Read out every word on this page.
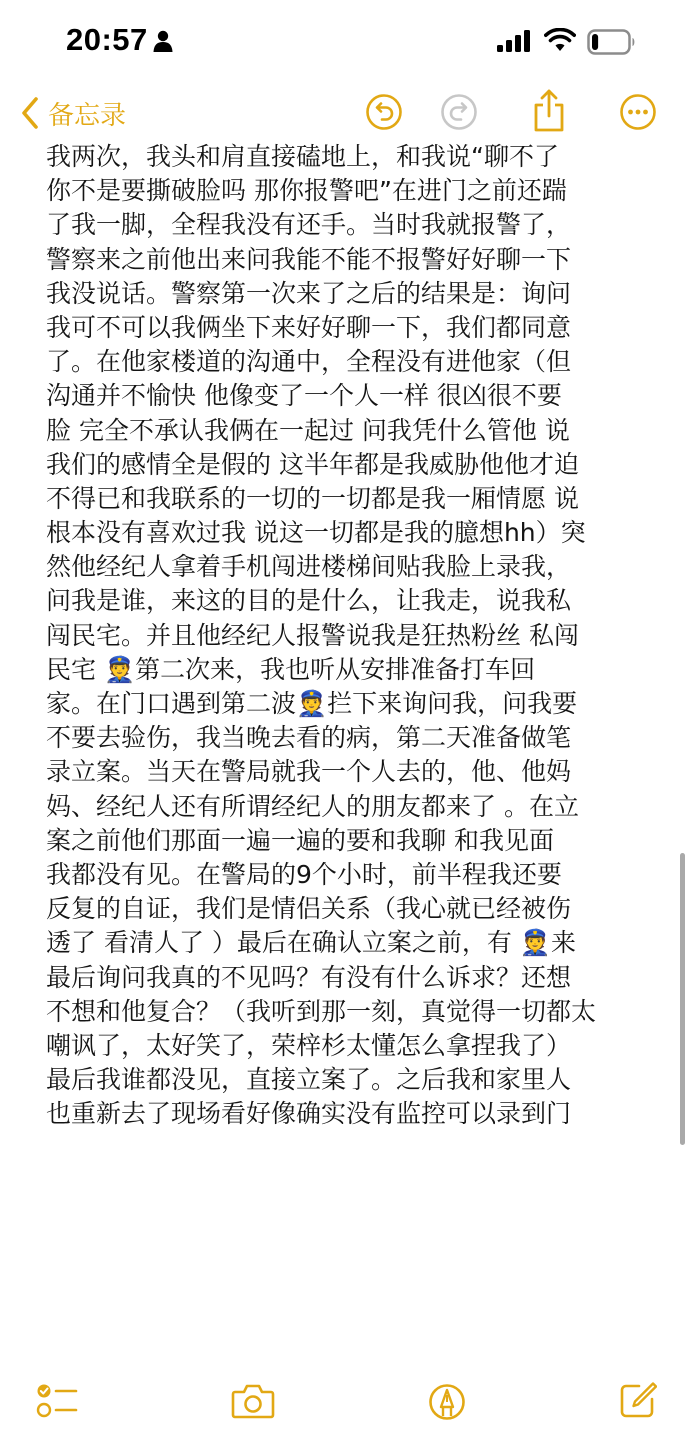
20:57
备忘录
我两次，我头和肩直接磕地上，和我说“聊不了
你不是要撕破脸吗 那你报警吧”在进门之前还踹
了我一脚，全程我没有还手。当时我就报警了，
警察来之前他出来问我能不能不报警好好聊一下
我没说话。警察第一次来了之后的结果是：询问
我可不可以我俩坐下来好好聊一下，我们都同意
了。在他家楼道的沟通中，全程没有进他家（但
沟通并不愉快 他像变了一个人一样 很凶很不要
脸 完全不承认我俩在一起过 问我凭什么管他 说
我们的感情全是假的 这半年都是我威胁他他才迫
不得已和我联系的一切的一切都是我一厢情愿 说
根本没有喜欢过我 说这一切都是我的臆想hh）突
然他经纪人拿着手机闯进楼梯间贴我脸上录我，
问我是谁，来这的目的是什么，让我走，说我私
闯民宅。并且他经纪人报警说我是狂热粉丝 私闯
民宅 👮第二次来，我也听从安排准备打车回
家。在门口遇到第二波👮拦下来询问我，问我要
不要去验伤，我当晚去看的病，第二天准备做笔
录立案。当天在警局就我一个人去的，他、他妈
妈、经纪人还有所谓经纪人的朋友都来了 。在立
案之前他们那面一遍一遍的要和我聊 和我见面
我都没有见。在警局的9个小时，前半程我还要
反复的自证，我们是情侣关系（我心就已经被伤
透了 看清人了 ）最后在确认立案之前，有 👮来
最后询问我真的不见吗？有没有什么诉求？还想
不想和他复合？（我听到那一刻，真觉得一切都太
嘲讽了，太好笑了，荣梓杉太懂怎么拿捏我了）
最后我谁都没见，直接立案了。之后我和家里人
也重新去了现场看好像确实没有监控可以录到门
